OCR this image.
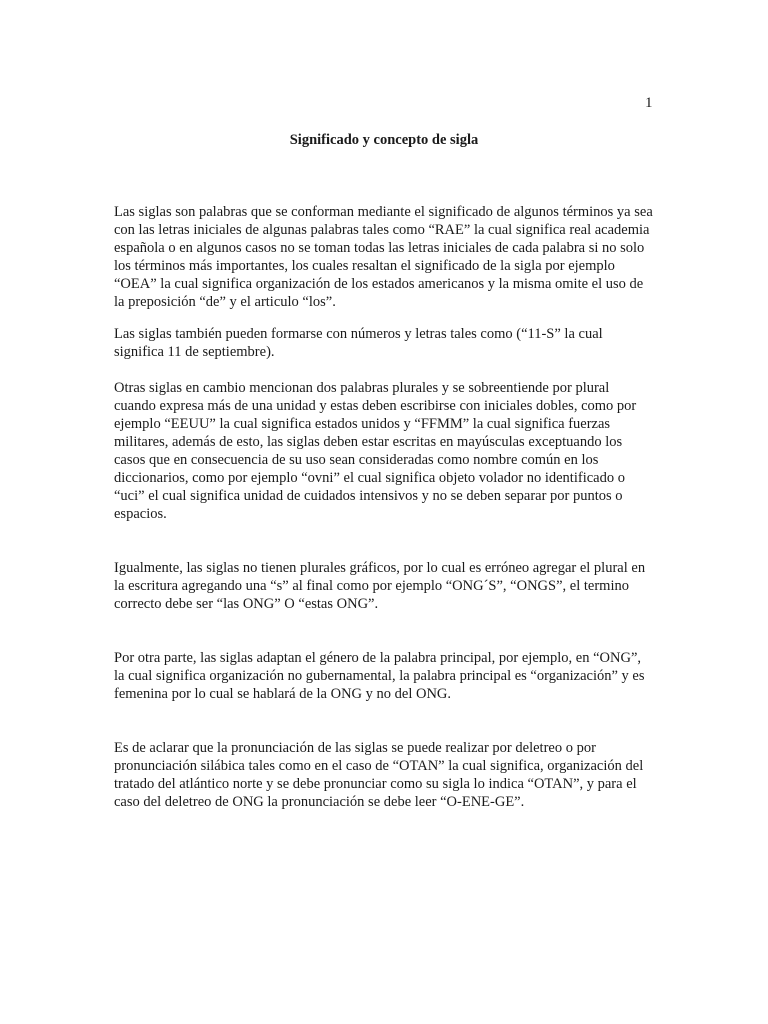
1
Significado y concepto de sigla

Las siglas son palabras que se conforman mediante el significado de algunos términos ya sea con las letras iniciales de algunas palabras tales como “RAE” la cual significa real academia española o en algunos casos no se toman todas las letras iniciales de cada palabra si no solo los términos más importantes, los cuales resaltan el significado de la sigla por ejemplo “OEA” la cual significa organización de los estados americanos y la misma omite el uso de la preposición “de” y el articulo “los”.

Las siglas también pueden formarse con números y letras tales como (“11-S” la cual significa 11 de septiembre).

Otras siglas en cambio mencionan dos palabras plurales y se sobreentiende por plural cuando expresa más de una unidad y estas deben escribirse con iniciales dobles, como por ejemplo “EEUU” la cual significa estados unidos y “FFMM” la cual significa fuerzas militares, además de esto, las siglas deben estar escritas en mayúsculas exceptuando los casos que en consecuencia de su uso sean consideradas como nombre común en los diccionarios, como por ejemplo “ovni” el cual significa objeto volador no identificado o “uci” el cual significa unidad de cuidados intensivos y no se deben separar por puntos o espacios.

Igualmente, las siglas no tienen plurales gráficos, por lo cual es erróneo agregar el plural en la escritura agregando una “s” al final como por ejemplo “ONG´S”, “ONGS”, el termino correcto debe ser “las ONG” O “estas ONG”.

Por otra parte, las siglas adaptan el género de la palabra principal, por ejemplo, en “ONG”, la cual significa organización no gubernamental, la palabra principal es “organización” y es femenina por lo cual se hablará de la ONG y no del ONG.

Es de aclarar que la pronunciación de las siglas se puede realizar por deletreo o por pronunciación silábica tales como en el caso de “OTAN” la cual significa, organización del tratado del atlántico norte y se debe pronunciar como su sigla lo indica “OTAN”, y para el caso del deletreo de ONG la pronunciación se debe leer “O-ENE-GE”.
